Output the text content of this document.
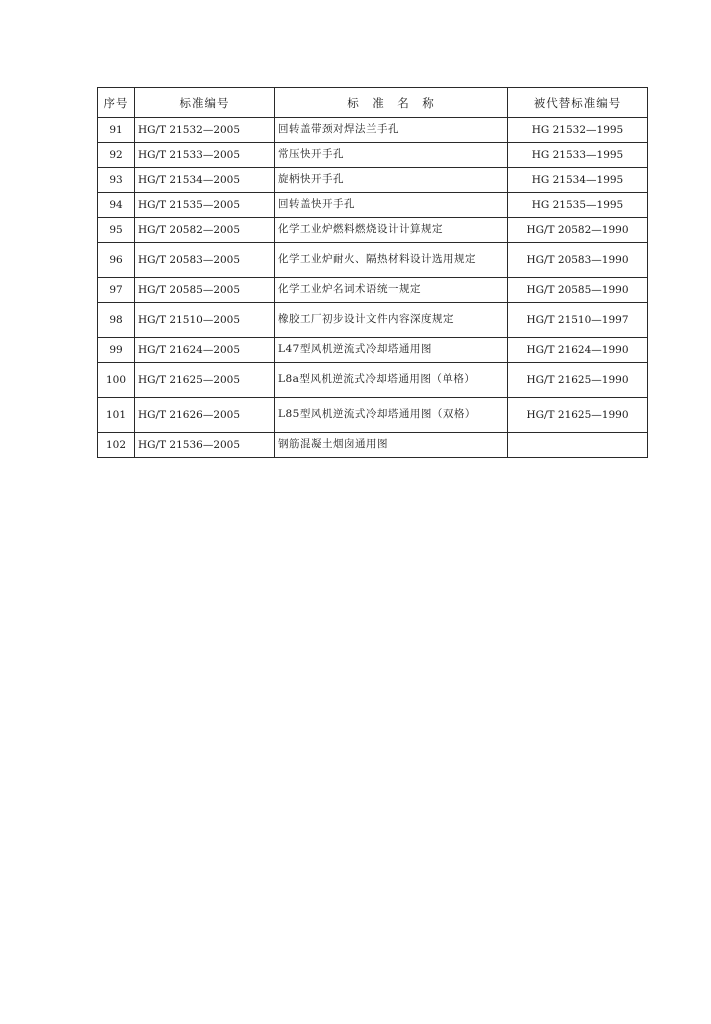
序号	标准编号	标　准　名　称	被代替标准编号
91	HG/T 21532—2005	回转盖带颈对焊法兰手孔	HG 21532—1995
92	HG/T 21533—2005	常压快开手孔	HG 21533—1995
93	HG/T 21534—2005	旋柄快开手孔	HG 21534—1995
94	HG/T 21535—2005	回转盖快开手孔	HG 21535—1995
95	HG/T 20582—2005	化学工业炉燃料燃烧设计计算规定	HG/T 20582—1990
96	HG/T 20583—2005	化学工业炉耐火、隔热材料设计选用规定	HG/T 20583—1990
97	HG/T 20585—2005	化学工业炉名词术语统一规定	HG/T 20585—1990
98	HG/T 21510—2005	橡胶工厂初步设计文件内容深度规定	HG/T 21510—1997
99	HG/T 21624—2005	L47型风机逆流式冷却塔通用图	HG/T 21624—1990
100	HG/T 21625—2005	L8a型风机逆流式冷却塔通用图（单格）	HG/T 21625—1990
101	HG/T 21626—2005	L85型风机逆流式冷却塔通用图（双格）	HG/T 21625—1990
102	HG/T 21536—2005	钢筋混凝土烟囱通用图	
